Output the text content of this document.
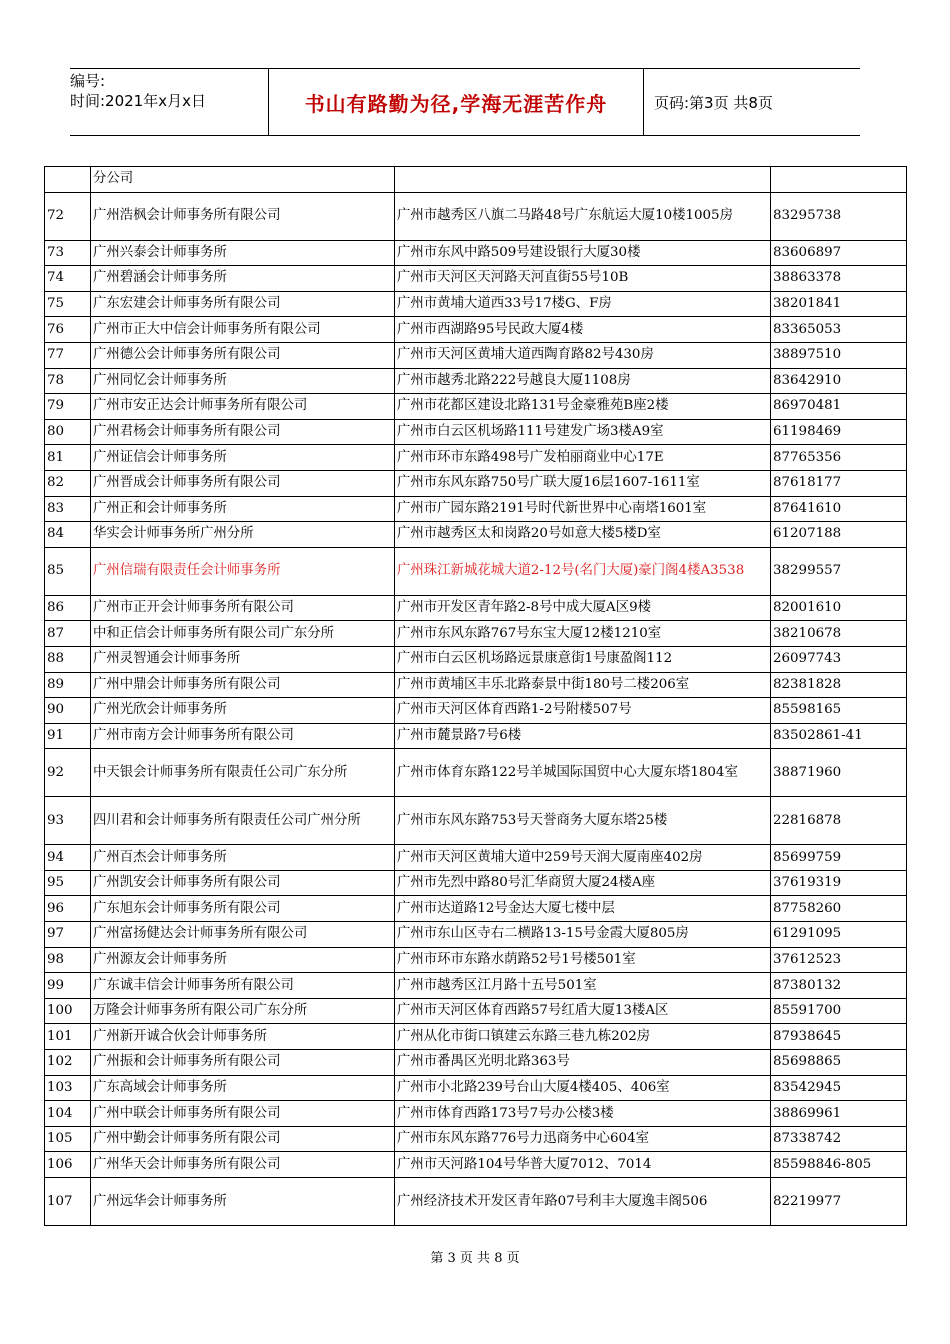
编号:
时间:2021年x月x日	书山有路勤为径,学海无涯苦作舟	页码:第3页 共8页
	分公司		
72	广州浩枫会计师事务所有限公司	广州市越秀区八旗二马路48号广东航运大厦10楼1005房	83295738
73	广州兴泰会计师事务所	广州市东风中路509号建设银行大厦30楼	83606897
74	广州碧涵会计师事务所	广州市天河区天河路天河直街55号10B	38863378
75	广东宏建会计师事务所有限公司	广州市黄埔大道西33号17楼G、F房	38201841
76	广州市正大中信会计师事务所有限公司	广州市西湖路95号民政大厦4楼	83365053
77	广州德公会计师事务所有限公司	广州市天河区黄埔大道西陶育路82号430房	38897510
78	广州同忆会计师事务所	广州市越秀北路222号越良大厦1108房	83642910
79	广州市安正达会计师事务所有限公司	广州市花都区建设北路131号金豪雅苑B座2楼	86970481
80	广州君杨会计师事务所有限公司	广州市白云区机场路111号建发广场3楼A9室	61198469
81	广州证信会计师事务所	广州市环市东路498号广发柏丽商业中心17E	87765356
82	广州晋成会计师事务所有限公司	广州市东风东路750号广联大厦16层1607-1611室	87618177
83	广州正和会计师事务所	广州市广园东路2191号时代新世界中心南塔1601室	87641610
84	华实会计师事务所广州分所	广州市越秀区太和岗路20号如意大楼5楼D室	61207188
85	广州信瑞有限责任会计师事务所	广州珠江新城花城大道2-12号(名门大厦)豪门阁4楼A3538	38299557
86	广州市正开会计师事务所有限公司	广州市开发区青年路2-8号中成大厦A区9楼	82001610
87	中和正信会计师事务所有限公司广东分所	广州市东风东路767号东宝大厦12楼1210室	38210678
88	广州灵智通会计师事务所	广州市白云区机场路远景康意街1号康盈阁112	26097743
89	广州中鼎会计师事务所有限公司	广州市黄埔区丰乐北路泰景中街180号二楼206室	82381828
90	广州光欣会计师事务所	广州市天河区体育西路1-2号附楼507号	85598165
91	广州市南方会计师事务所有限公司	广州市麓景路7号6楼	83502861-41
92	中天银会计师事务所有限责任公司广东分所	广州市体育东路122号羊城国际国贸中心大厦东塔1804室	38871960
93	四川君和会计师事务所有限责任公司广州分所	广州市东风东路753号天誉商务大厦东塔25楼	22816878
94	广州百杰会计师事务所	广州市天河区黄埔大道中259号天润大厦南座402房	85699759
95	广州凯安会计师事务所有限公司	广州市先烈中路80号汇华商贸大厦24楼A座	37619319
96	广东旭东会计师事务所有限公司	广州市达道路12号金达大厦七楼中层	87758260
97	广州富扬健达会计师事务所有限公司	广州市东山区寺右二横路13-15号金霞大厦805房	61291095
98	广州源友会计师事务所	广州市环市东路水荫路52号1号楼501室	37612523
99	广东诚丰信会计师事务所有限公司	广州市越秀区江月路十五号501室	87380132
100	万隆会计师事务所有限公司广东分所	广州市天河区体育西路57号红盾大厦13楼A区	85591700
101	广州新开诚合伙会计师事务所	广州从化市街口镇建云东路三巷九栋202房	87938645
102	广州振和会计师事务所有限公司	广州市番禺区光明北路363号	85698865
103	广东高域会计师事务所	广州市小北路239号台山大厦4楼405、406室	83542945
104	广州中联会计师事务所有限公司	广州市体育西路173号7号办公楼3楼	38869961
105	广州中勤会计师事务所有限公司	广州市东风东路776号力迅商务中心604室	87338742
106	广州华天会计师事务所有限公司	广州市天河路104号华普大厦7012、7014	85598846-805
107	广州远华会计师事务所	广州经济技术开发区青年路07号利丰大厦逸丰阁506	82219977
第 3 页 共 8 页
